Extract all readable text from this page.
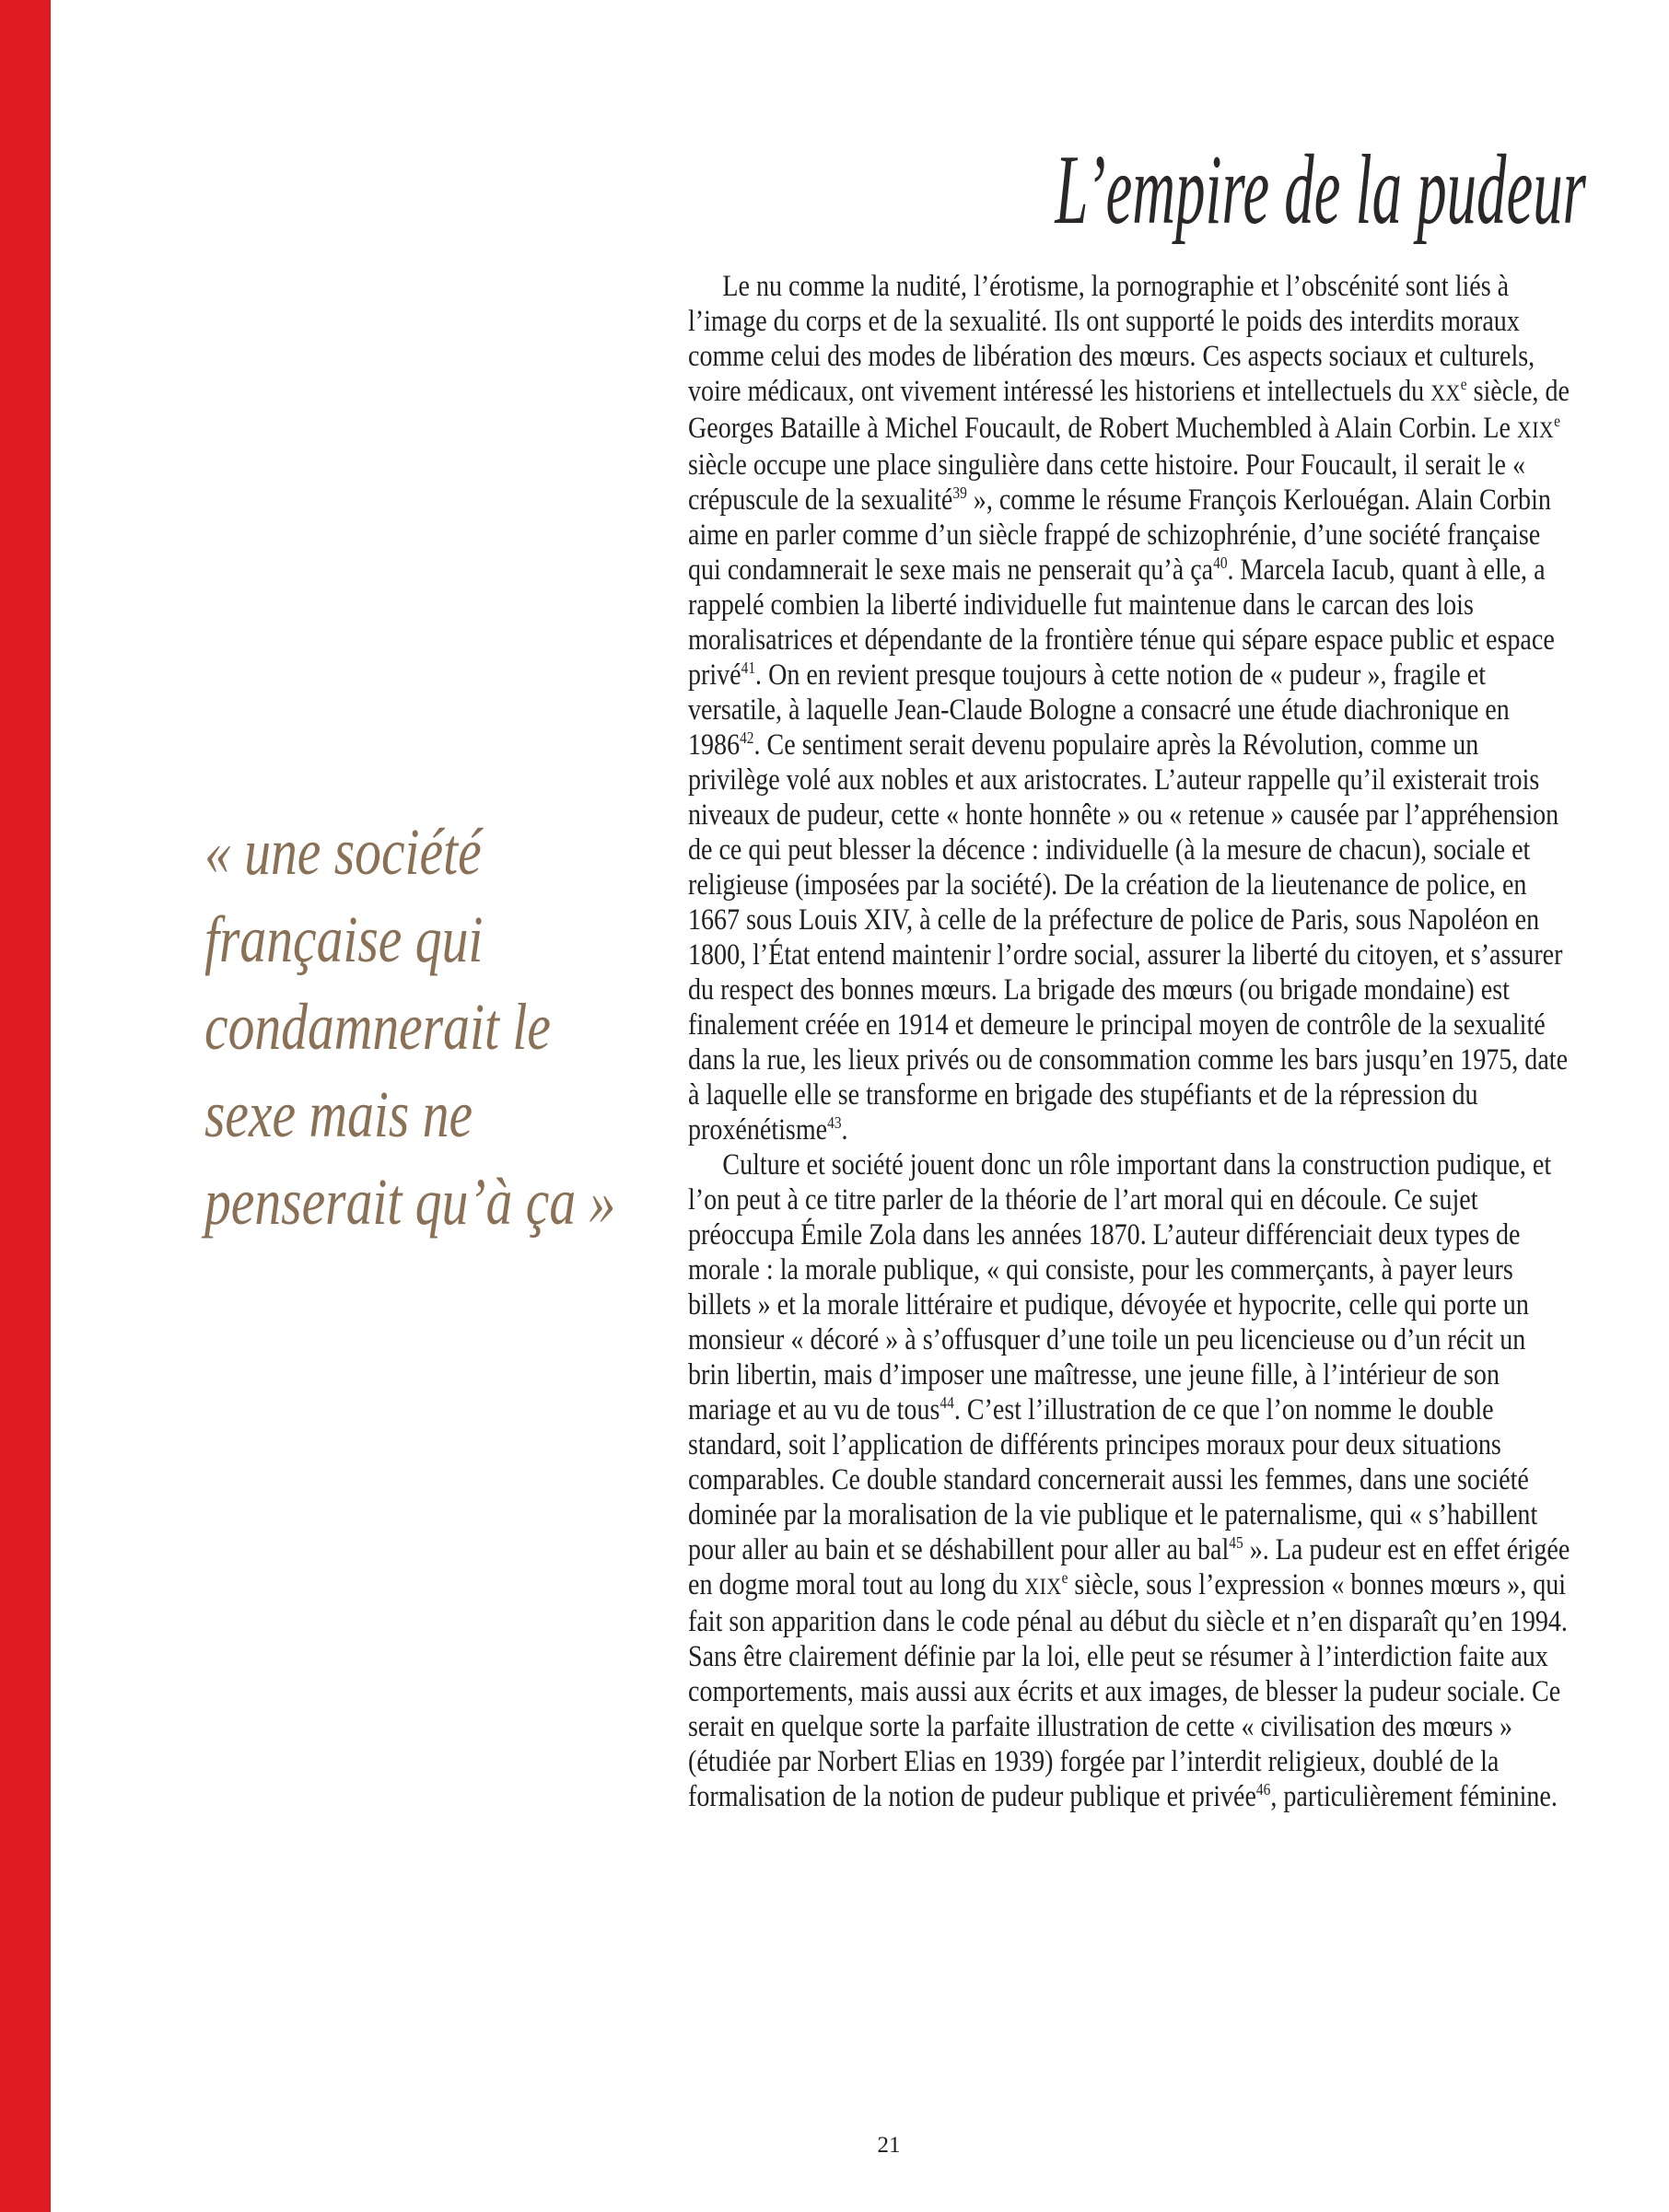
L’empire de la pudeur
« une société
française qui
condamnerait le
sexe mais ne
penserait qu’à ça »

Le nu comme la nudité, l’érotisme, la pornographie et l’obscénité sont liés à l’image du corps et de la sexualité. Ils ont supporté le poids des interdits moraux comme celui des modes de libération des mœurs. Ces aspects sociaux et culturels, voire médicaux, ont vivement intéressé les historiens et intellectuels du XXe siècle, de Georges Bataille à Michel Foucault, de Robert Muchembled à Alain Corbin. Le XIXe siècle occupe une place singulière dans cette histoire. Pour Foucault, il serait le « crépuscule de la sexualité$^{39}$ », comme le résume François Kerlouégan. Alain Corbin aime en parler comme d’un siècle frappé de schizophrénie, d’une société française qui condamnerait le sexe mais ne penserait qu’à $ça^{40}$. Marcela Iacub, quant à elle, a rappelé combien la liberté individuelle fut maintenue dans le carcan des lois moralisatrices et dépendante de la frontière ténue qui sépare espace public et espace privé$^{41}$. On en revient presque toujours à cette notion de « pudeur », fragile et versatile, à laquelle Jean-Claude Bologne a consacré une étude diachronique en 1986$^{42}$. Ce sentiment serait devenu populaire après la Révolution, comme un privilège volé aux nobles et aux aristocrates. L’auteur rappelle qu’il existerait trois niveaux de pudeur, cette « honte honnête » ou « retenue » causée par l’appréhension de ce qui peut blesser la décence : individuelle (à la mesure de chacun), sociale et religieuse (imposées par la société). De la création de la lieutenance de police, en 1667 sous Louis XIV, à celle de la préfecture de police de Paris, sous Napoléon en 1800, l’État entend maintenir l’ordre social, assurer la liberté du citoyen, et s’assurer du respect des bonnes mœurs. La brigade des mœurs (ou brigade mondaine) est finalement créée en 1914 et demeure le principal moyen de contrôle de la sexualité dans la rue, les lieux privés ou de consommation comme les bars jusqu’en 1975, date à laquelle elle se transforme en brigade des stupéfiants et de la répression du proxénétisme$^{43}$.

Culture et société jouent donc un rôle important dans la construction pudique, et l’on peut à ce titre parler de la théorie de l’art moral qui en découle. Ce sujet préoccupa Émile Zola dans les années 1870. L’auteur différenciait deux types de morale : la morale publique, « qui consiste, pour les commerçants, à payer leurs billets » et la morale littéraire et pudique, dévoyée et hypocrite, celle qui porte un monsieur « décoré » à s’offusquer d’une toile un peu licencieuse ou d’un récit un brin libertin, mais d’imposer une maîtresse, une jeune fille, à l’intérieur de son mariage et au vu de tous$^{44}$. C’est l’illustration de ce que l’on nomme le double standard, soit l’application de différents principes moraux pour deux situations comparables. Ce double standard concernerait aussi les femmes, dans une société dominée par la moralisation de la vie publique et le paternalisme, qui « s’habillent pour aller au bain et se déshabillent pour aller au bal$^{45}$ ». La pudeur est en effet érigée en dogme moral tout au long du XIXe siècle, sous l’expression « bonnes mœurs », qui fait son apparition dans le code pénal au début du siècle et n’en disparaît qu’en 1994. Sans être clairement définie par la loi, elle peut se résumer à l’interdiction faite aux comportements, mais aussi aux écrits et aux images, de blesser la pudeur sociale. Ce serait en quelque sorte la parfaite illustration de cette « civilisation des mœurs » (étudiée par Norbert Elias en 1939) forgée par l’interdit religieux, doublé de la formalisation de la notion de pudeur publique et privée$^{46}$, particulièrement féminine.

21
